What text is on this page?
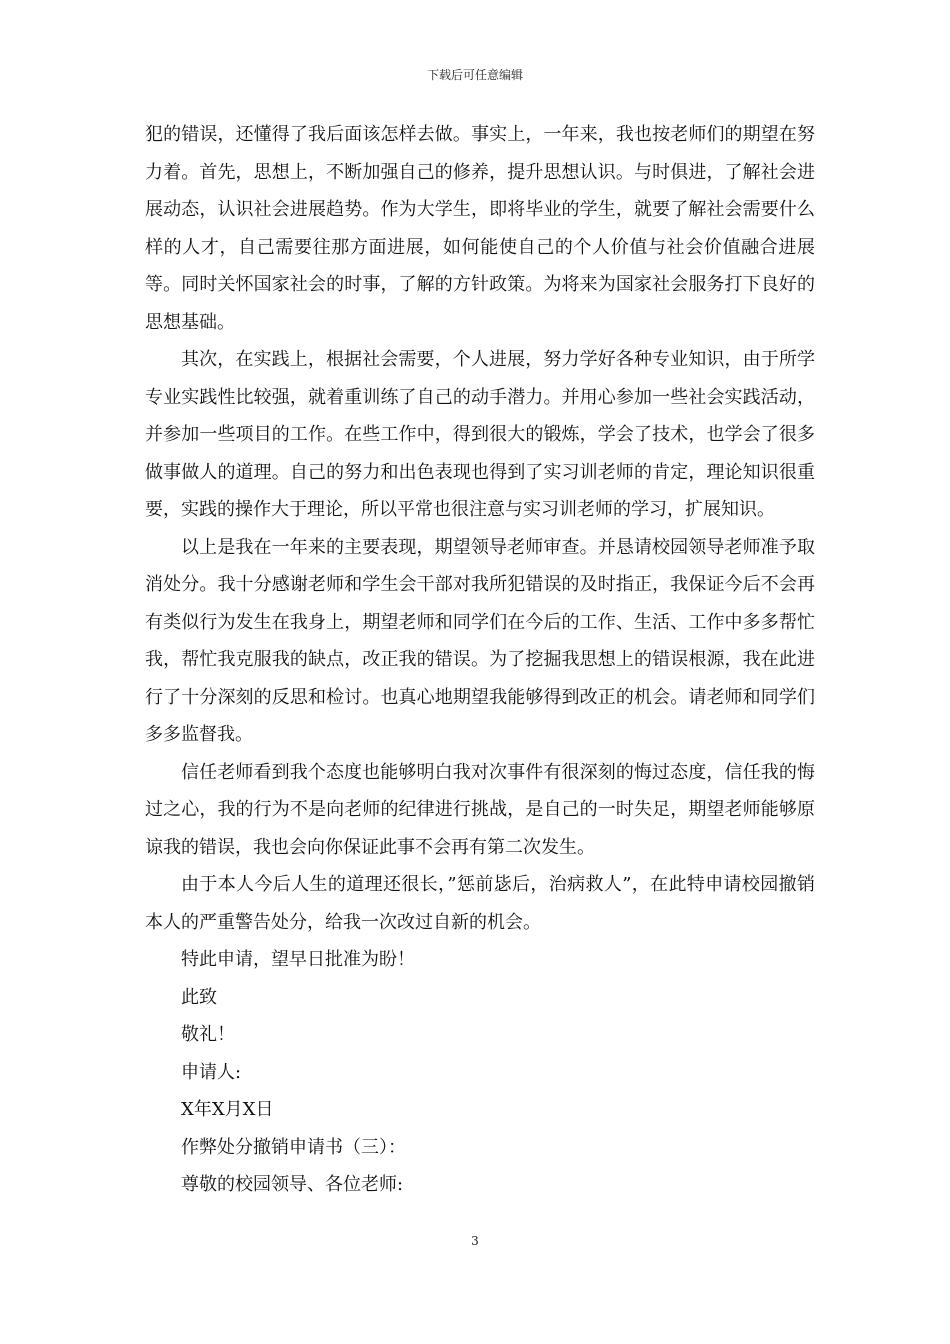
下载后可任意编辑

犯的错误，还懂得了我后面该怎样去做。事实上，一年来，我也按老师们的期望在努力着。首先，思想上，不断加强自己的修养，提升思想认识。与时俱进，了解社会进展动态，认识社会进展趋势。作为大学生，即将毕业的学生，就要了解社会需要什么样的人才，自己需要往那方面进展，如何能使自己的个人价值与社会价值融合进展等。同时关怀国家社会的时事，了解的方针政策。为将来为国家社会服务打下良好的思想基础。

其次，在实践上，根据社会需要，个人进展，努力学好各种专业知识，由于所学专业实践性比较强，就着重训练了自己的动手潜力。并用心参加一些社会实践活动，并参加一些项目的工作。在些工作中，得到很大的锻炼，学会了技术，也学会了很多做事做人的道理。自己的努力和出色表现也得到了实习训老师的肯定，理论知识很重要，实践的操作大于理论，所以平常也很注意与实习训老师的学习，扩展知识。

以上是我在一年来的主要表现，期望领导老师审查。并恳请校园领导老师准予取消处分。我十分感谢老师和学生会干部对我所犯错误的及时指正，我保证今后不会再有类似行为发生在我身上，期望老师和同学们在今后的工作、生活、工作中多多帮忙我，帮忙我克服我的缺点，改正我的错误。为了挖掘我思想上的错误根源，我在此进行了十分深刻的反思和检讨。也真心地期望我能够得到改正的机会。请老师和同学们多多监督我。

信任老师看到我个态度也能够明白我对次事件有很深刻的悔过态度，信任我的悔过之心，我的行为不是向老师的纪律进行挑战，是自己的一时失足，期望老师能够原谅我的错误，我也会向你保证此事不会再有第二次发生。

由于本人今后人生的道理还很长，”惩前毖后，治病救人”，在此特申请校园撤销本人的严重警告处分，给我一次改过自新的机会。

特此申请，望早日批准为盼！

此致

敬礼！

申请人:

X年X月X日

作弊处分撤销申请书（三）：

尊敬的校园领导、各位老师:

3
